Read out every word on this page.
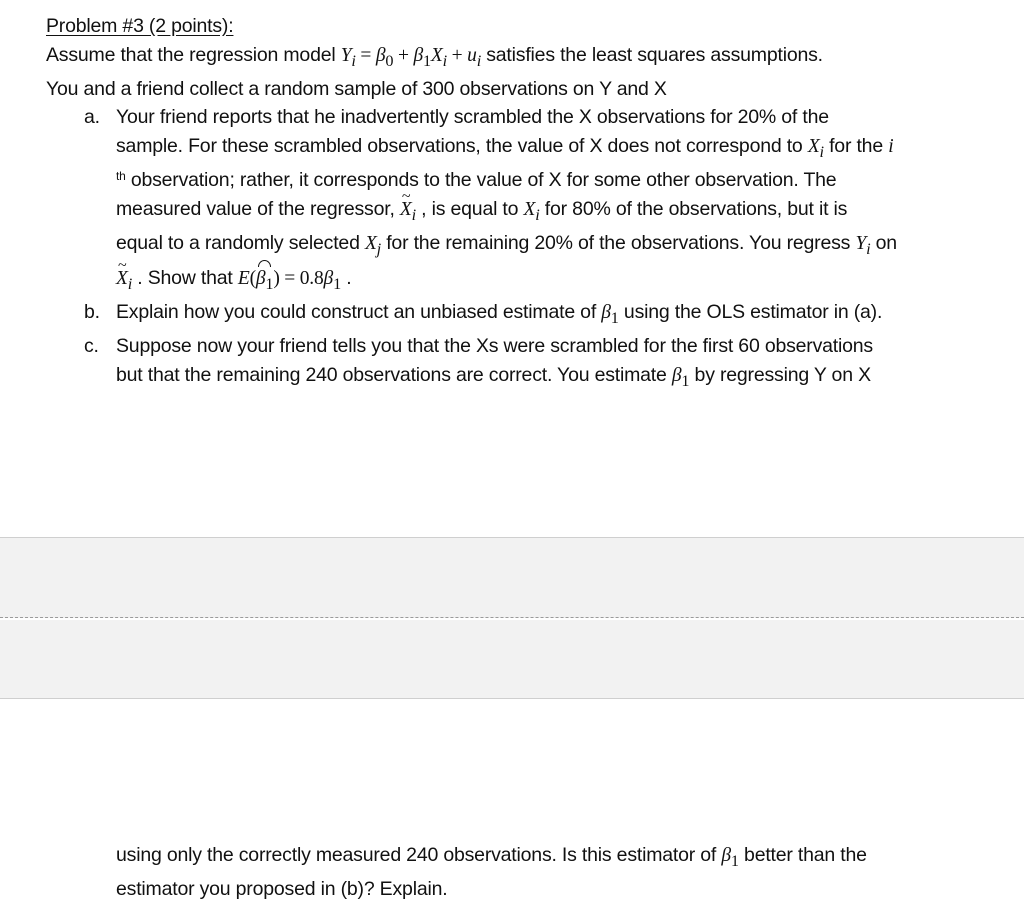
Problem #3 (2 points):
Assume that the regression model $Y_i = \beta_0 + \beta_1X_i + u_i$ satisfies the least squares assumptions.
You and a friend collect a random sample of 300 observations on Y and X
a. Your friend reports that he inadvertently scrambled the X observations for 20% of the
sample. For these scrambled observations, the value of X does not correspond to $X_i$ for the i
$^{th}$ observation; rather, it corresponds to the value of X for some other observation. The
measured value of the regressor, ~ $X_i$ , is equal to $X_i$ for 80% of the observations, but it is
equal to a randomly selected $X_j$ for the remaining 20% of the observations. You regress $Y_i$ on
~ $X_i$ . Show that $E(\beta_1) = 0.8\beta_1$ .
b. Explain how you could construct an unbiased estimate of $\beta_1$ using the OLS estimator in (a).
c. Suppose now your friend tells you that the Xs were scrambled for the first 60 observations
but that the remaining 240 observations are correct. You estimate $\beta_1$ by regressing Y on X
using only the correctly measured 240 observations. Is this estimator of $\beta_1$ better than the
estimator you proposed in (b)? Explain.
